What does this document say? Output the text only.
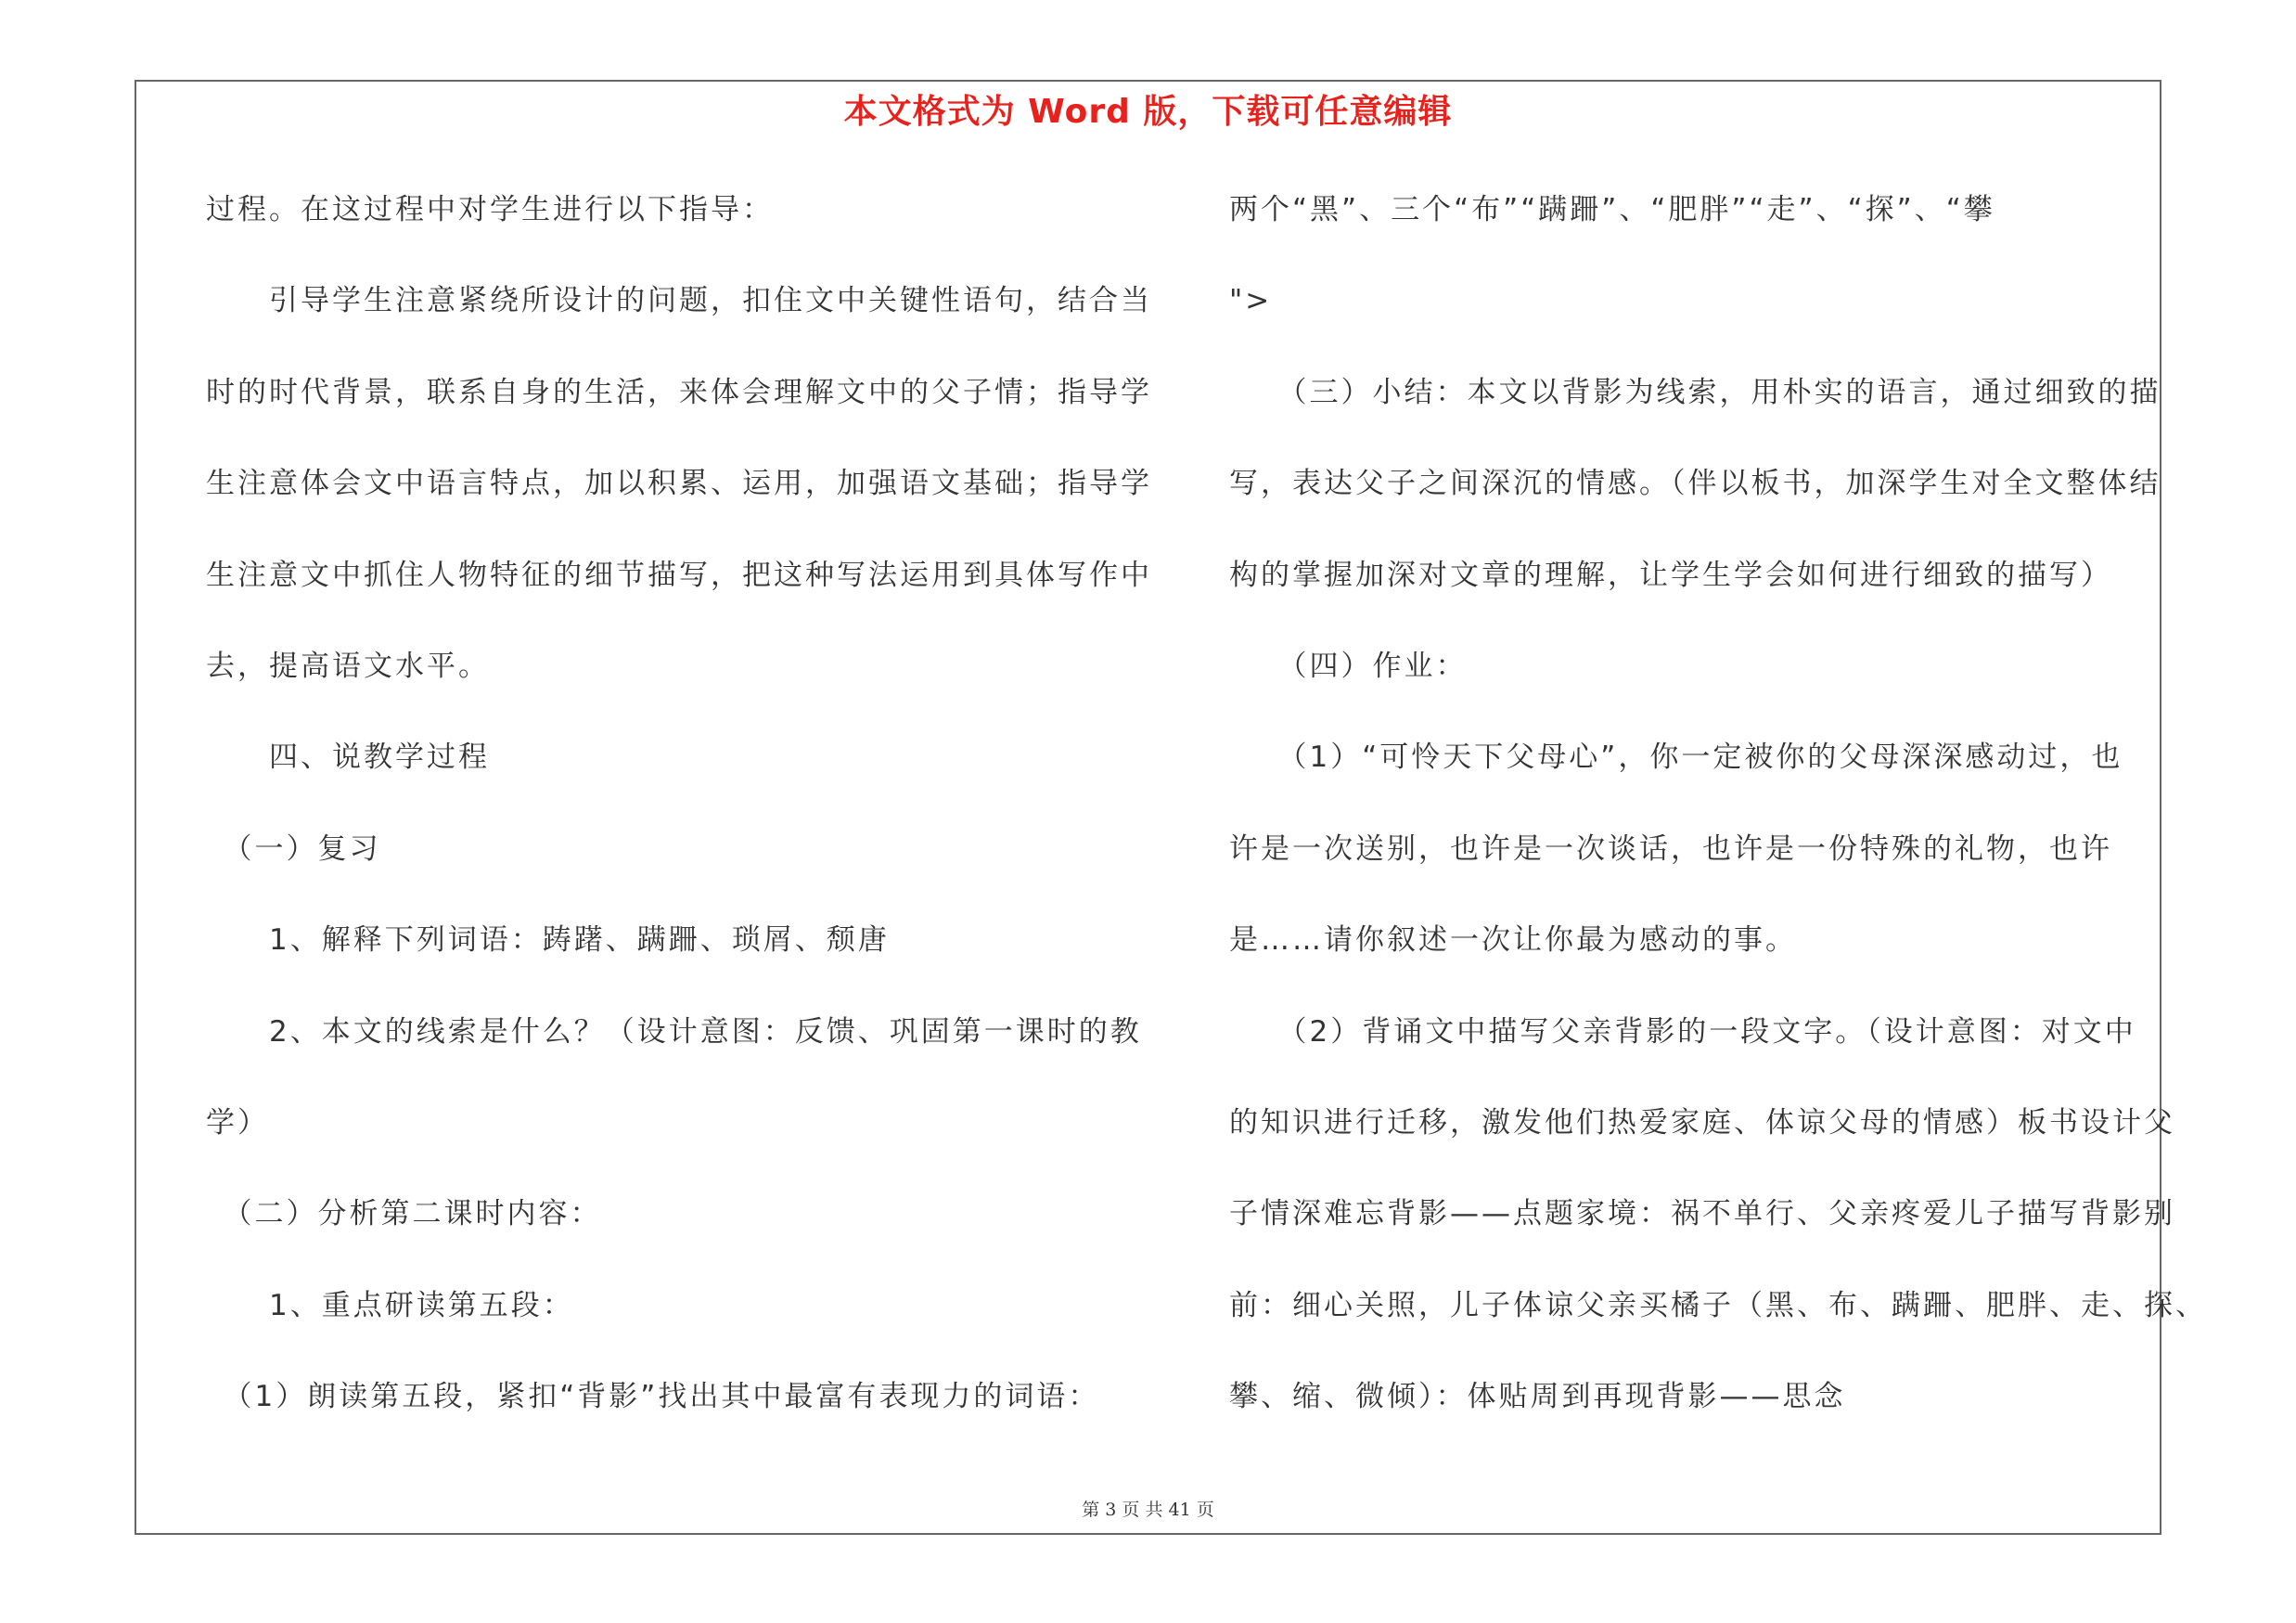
本文格式为 Word 版，下载可任意编辑
过程。在这过程中对学生进行以下指导：
　　引导学生注意紧绕所设计的问题，扣住文中关键性语句，结合当
时的时代背景，联系自身的生活，来体会理解文中的父子情；指导学
生注意体会文中语言特点，加以积累、运用，加强语文基础；指导学
生注意文中抓住人物特征的细节描写，把这种写法运用到具体写作中
去，提高语文水平。
　　四、说教学过程
　（一）复习
　　1、解释下列词语：踌躇、蹒跚、琐屑、颓唐
　　2、本文的线索是什么？（设计意图：反馈、巩固第一课时的教
学）
　（二）分析第二课时内容：
　　1、重点研读第五段：
　（1）朗读第五段，紧扣“背影”找出其中最富有表现力的词语：
两个“黑”、三个“布”“蹒跚”、“肥胖”“走”、“探”、“攀
">
　　（三）小结：本文以背影为线索，用朴实的语言，通过细致的描
写，表达父子之间深沉的情感。（伴以板书，加深学生对全文整体结
构的掌握加深对文章的理解，让学生学会如何进行细致的描写）
　　（四）作业：
　　（1）“可怜天下父母心”，你一定被你的父母深深感动过，也
许是一次送别，也许是一次谈话，也许是一份特殊的礼物，也许
是……请你叙述一次让你最为感动的事。
　　（2）背诵文中描写父亲背影的一段文字。（设计意图：对文中
的知识进行迁移，激发他们热爱家庭、体谅父母的情感）板书设计父
子情深难忘背影——点题家境：祸不单行、父亲疼爱儿子描写背影别
前：细心关照，儿子体谅父亲买橘子（黑、布、蹒跚、肥胖、走、探、
攀、缩、微倾）：体贴周到再现背影——思念
第 3 页 共 41 页
